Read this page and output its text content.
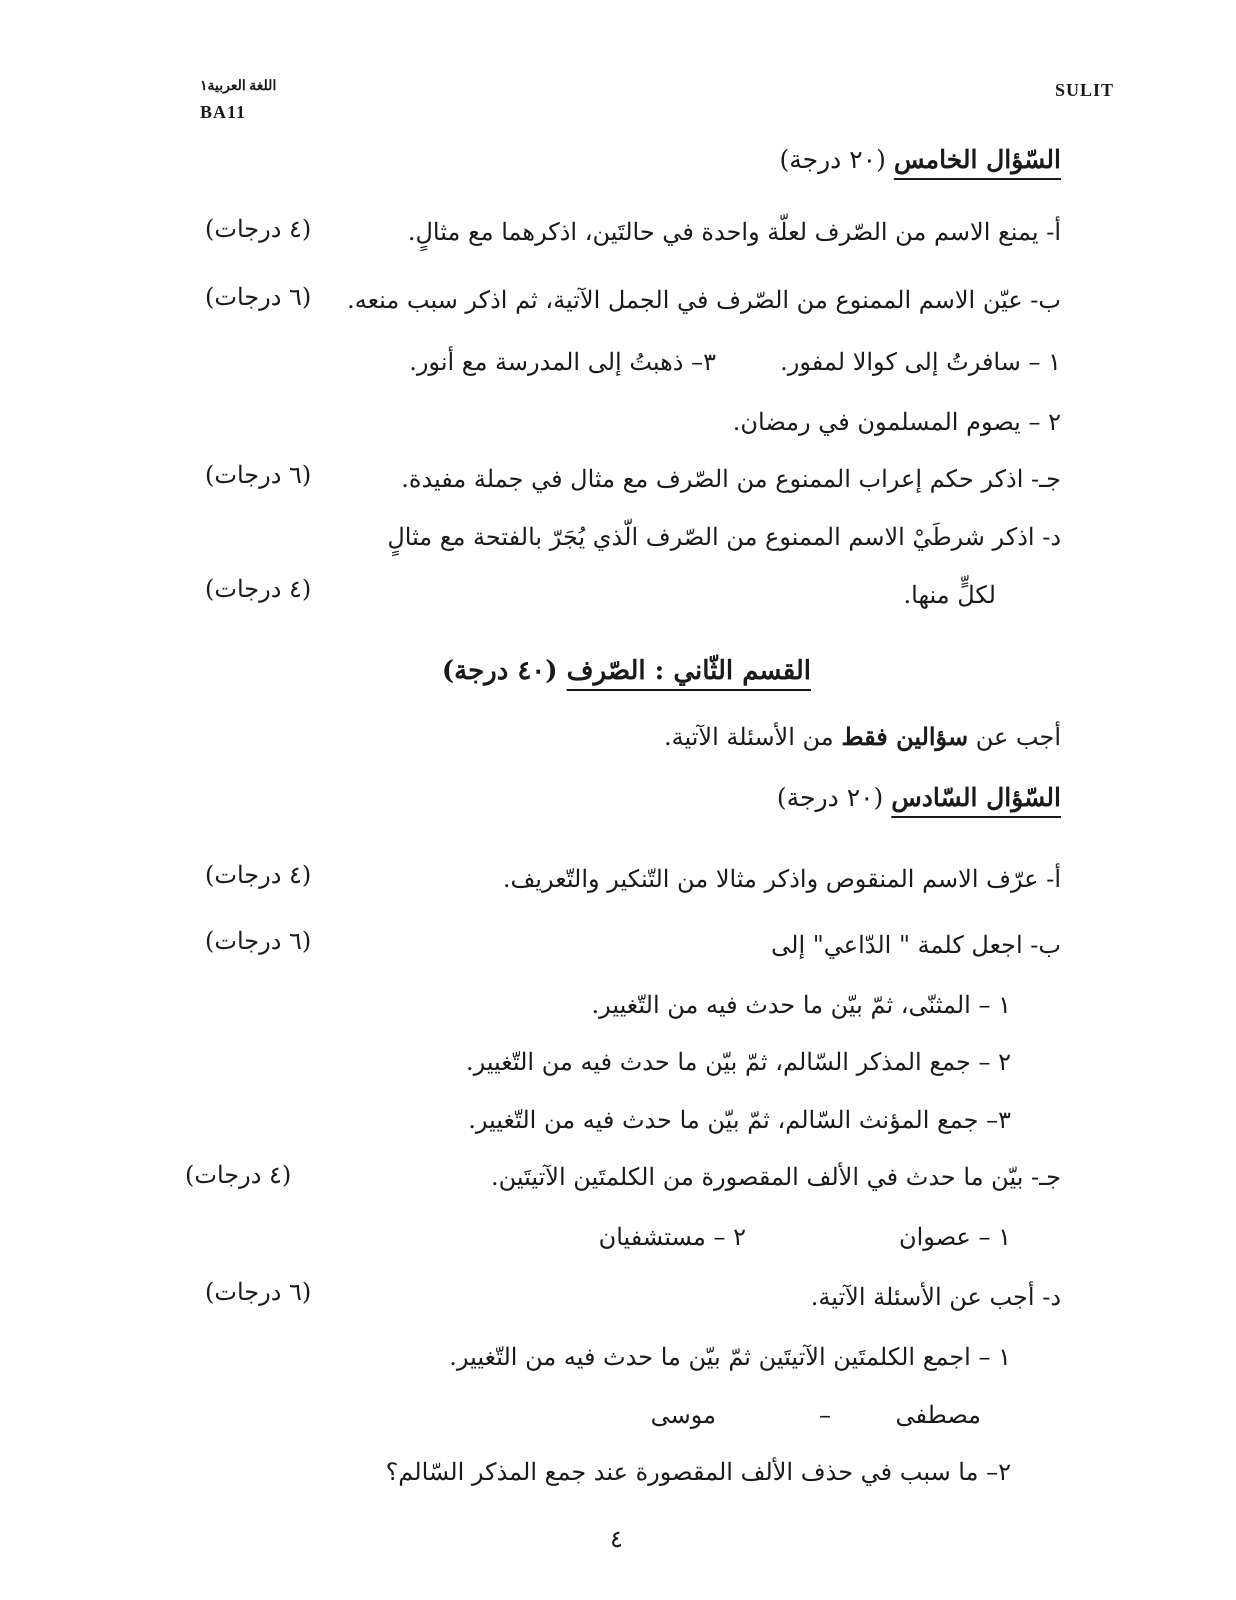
اللغة العربية١
BA11
SULIT
السّؤال الخامس (٢٠ درجة)
أ- يمنع الاسم من الصّرف لعلّة واحدة في حالتَين، اذكرهما مع مثالٍ.
(٤ درجات)
ب- عيّن الاسم الممنوع من الصّرف في الجمل الآتية، ثم اذكر سبب منعه.
(٦ درجات)
١ – سافرتُ إلى كوالا لمفور.
٣– ذهبتُ إلى المدرسة مع أنور.
٢ – يصوم المسلمون في رمضان.
جـ- اذكر حكم إعراب الممنوع من الصّرف مع مثال في جملة مفيدة.
(٦ درجات)
د- اذكر شرطَيْ الاسم الممنوع من الصّرف الّذي يُجَرّ بالفتحة مع مثالٍ
لكلٍّ منها.
(٤ درجات)
القسم الثّاني : الصّرف (٤٠ درجة)
أجب عن سؤالين فقط من الأسئلة الآتية.
السّؤال السّادس (٢٠ درجة)
أ- عرّف الاسم المنقوص واذكر مثالا من التّنكير والتّعريف.
(٤ درجات)
ب- اجعل كلمة " الدّاعي" إلى
(٦ درجات)
١ – المثنّى، ثمّ بيّن ما حدث فيه من التّغيير.
٢ – جمع المذكر السّالم، ثمّ بيّن ما حدث فيه من التّغيير.
٣– جمع المؤنث السّالم، ثمّ بيّن ما حدث فيه من التّغيير.
جـ- بيّن ما حدث في الألف المقصورة من الكلمتَين الآتيتَين.
(٤ درجات)
١ – عصوان
٢ – مستشفيان
د- أجب عن الأسئلة الآتية.
(٦ درجات)
١ – اجمع الكلمتَين الآتيتَين ثمّ بيّن ما حدث فيه من التّغيير.
مصطفى
–
موسى
٢– ما سبب في حذف الألف المقصورة عند جمع المذكر السّالم؟
٤
